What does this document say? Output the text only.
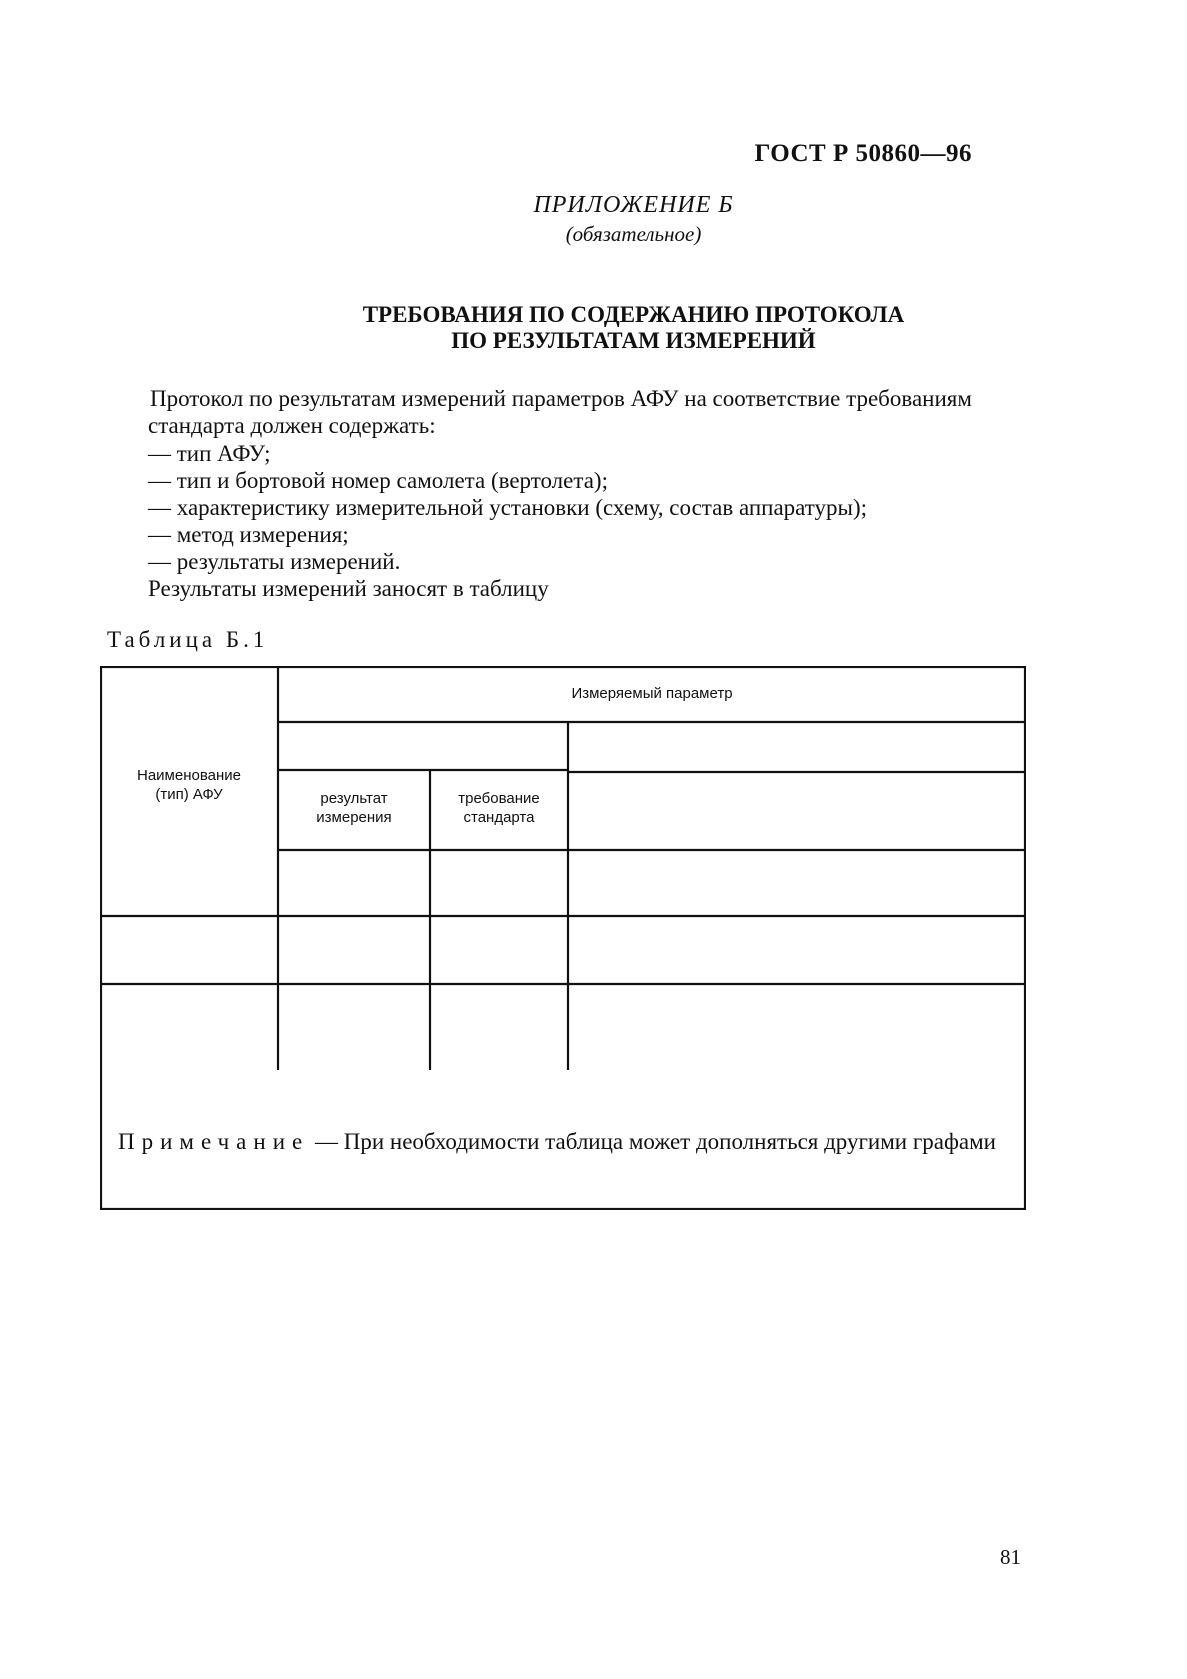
ГОСТ Р 50860—96
ПРИЛОЖЕНИЕ Б
(обязательное)
ТРЕБОВАНИЯ ПО СОДЕРЖАНИЮ ПРОТОКОЛА
ПО РЕЗУЛЬТАТАМ ИЗМЕРЕНИЙ
Протокол по результатам измерений параметров АФУ на соответствие требованиям стандарта должен содержать:
— тип АФУ;
— тип и бортовой номер самолета (вертолета);
— характеристику измерительной установки (схему, состав аппаратуры);
— метод измерения;
— результаты измерений.
Результаты измерений заносят в таблицу
Таблица Б.1
Наименование
(тип) АФУ
Измеряемый параметр
результат
измерения
требование
стандарта
Примечание — При необходимости таблица может дополняться другими графами
81
